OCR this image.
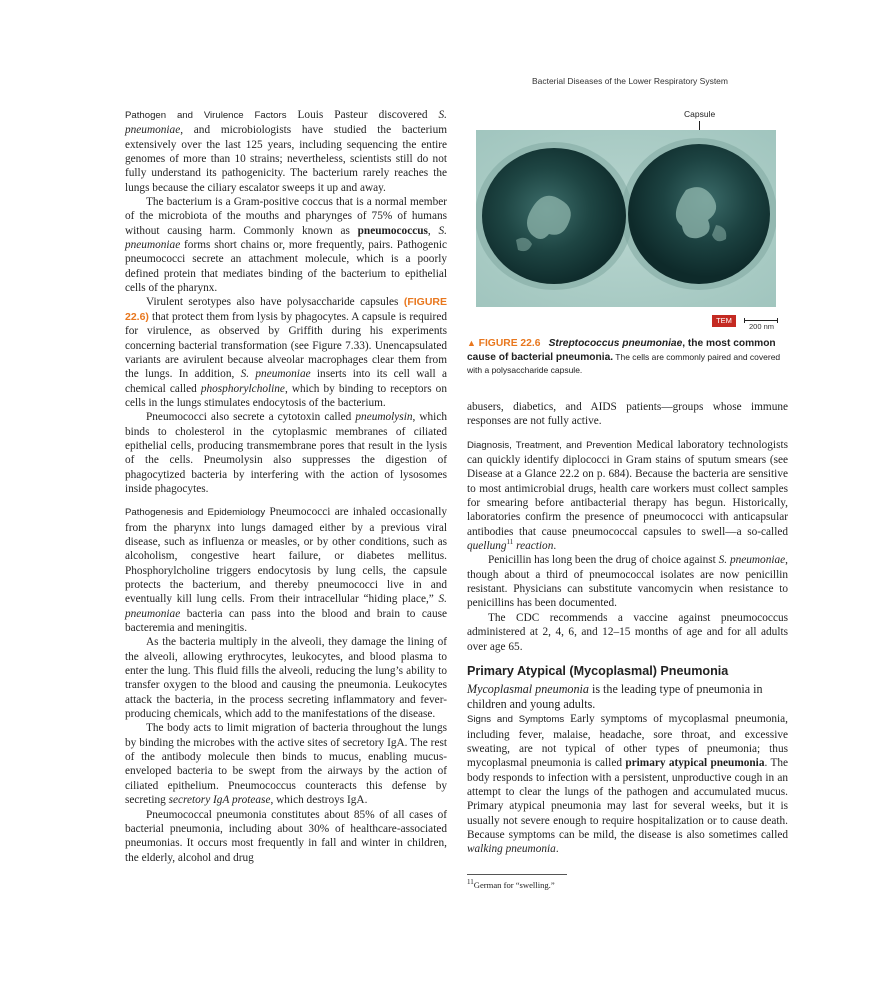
Bacterial Diseases of the Lower Respiratory System

Pathogen and Virulence Factors Louis Pasteur discovered S. pneumoniae, and microbiologists have studied the bacterium extensively over the last 125 years, including sequencing the entire genomes of more than 10 strains; nevertheless, scientists still do not fully understand its pathogenicity. The bacterium rarely reaches the lungs because the ciliary escalator sweeps it up and away.

The bacterium is a Gram-positive coccus that is a normal member of the microbiota of the mouths and pharynges of 75% of humans without causing harm. Commonly known as pneumococcus, S. pneumoniae forms short chains or, more frequently, pairs. Pathogenic pneumococci secrete an attachment molecule, which is a poorly defined protein that mediates binding of the bacterium to epithelial cells of the pharynx.

Virulent serotypes also have polysaccharide capsules (FIGURE 22.6) that protect them from lysis by phagocytes. A capsule is required for virulence, as observed by Griffith during his experiments concerning bacterial transformation (see Figure 7.33). Unencapsulated variants are avirulent because alveolar macrophages clear them from the lungs. In addition, S. pneumoniae inserts into its cell wall a chemical called phosphorylcholine, which by binding to receptors on cells in the lungs stimulates endocytosis of the bacterium.

Pneumococci also secrete a cytotoxin called pneumolysin, which binds to cholesterol in the cytoplasmic membranes of ciliated epithelial cells, producing transmembrane pores that result in the lysis of the cells. Pneumolysin also suppresses the digestion of phagocytized bacteria by interfering with the action of lysosomes inside phagocytes.

Pathogenesis and Epidemiology Pneumococci are inhaled occasionally from the pharynx into lungs damaged either by a previous viral disease, such as influenza or measles, or by other conditions, such as alcoholism, congestive heart failure, or diabetes mellitus. Phosphorylcholine triggers endocytosis by lung cells, the capsule protects the bacterium, and thereby pneumococci live in and eventually kill lung cells. From their intracellular “hiding place,” S. pneumoniae bacteria can pass into the blood and brain to cause bacteremia and meningitis.

As the bacteria multiply in the alveoli, they damage the lining of the alveoli, allowing erythrocytes, leukocytes, and blood plasma to enter the lung. This fluid fills the alveoli, reducing the lung’s ability to transfer oxygen to the blood and causing the pneumonia. Leukocytes attack the bacteria, in the process secreting inflammatory and fever-producing chemicals, which add to the manifestations of the disease.

The body acts to limit migration of bacteria throughout the lungs by binding the microbes with the active sites of secretory IgA. The rest of the antibody molecule then binds to mucus, enabling mucus-enveloped bacteria to be swept from the airways by the action of ciliated epithelium. Pneumococcus counteracts this defense by secreting secretory IgA protease, which destroys IgA.

Pneumococcal pneumonia constitutes about 85% of all cases of bacterial pneumonia, including about 30% of healthcare-associated pneumonias. It occurs most frequently in fall and winter in children, the elderly, alcohol and drug

Capsule
TEM
200 nm
▲ FIGURE 22.6 Streptococcus pneumoniae, the most common cause of bacterial pneumonia. The cells are commonly paired and covered with a polysaccharide capsule.

abusers, diabetics, and AIDS patients—groups whose immune responses are not fully active.

Diagnosis, Treatment, and Prevention Medical laboratory technologists can quickly identify diplococci in Gram stains of sputum smears (see Disease at a Glance 22.2 on p. 684). Because the bacteria are sensitive to most antimicrobial drugs, health care workers must collect samples for smearing before antibacterial therapy has begun. Historically, laboratories confirm the presence of pneumococci with anticapsular antibodies that cause pneumococcal capsules to swell—a so-called quellung$^{11}$ reaction.

Penicillin has long been the drug of choice against S. pneumoniae, though about a third of pneumococcal isolates are now penicillin resistant. Physicians can substitute vancomycin when resistance to penicillins has been documented.

The CDC recommends a vaccine against pneumococcus administered at 2, 4, 6, and 12–15 months of age and for all adults over age 65.

Primary Atypical (Mycoplasmal) Pneumonia

Mycoplasmal pneumonia is the leading type of pneumonia in children and young adults.

Signs and Symptoms Early symptoms of mycoplasmal pneumonia, including fever, malaise, headache, sore throat, and excessive sweating, are not typical of other types of pneumonia; thus mycoplasmal pneumonia is called primary atypical pneumonia. The body responds to infection with a persistent, unproductive cough in an attempt to clear the lungs of the pathogen and accumulated mucus. Primary atypical pneumonia may last for several weeks, but it is usually not severe enough to require hospitalization or to cause death. Because symptoms can be mild, the disease is also sometimes called walking pneumonia.

$^{11}$German for “swelling.”
